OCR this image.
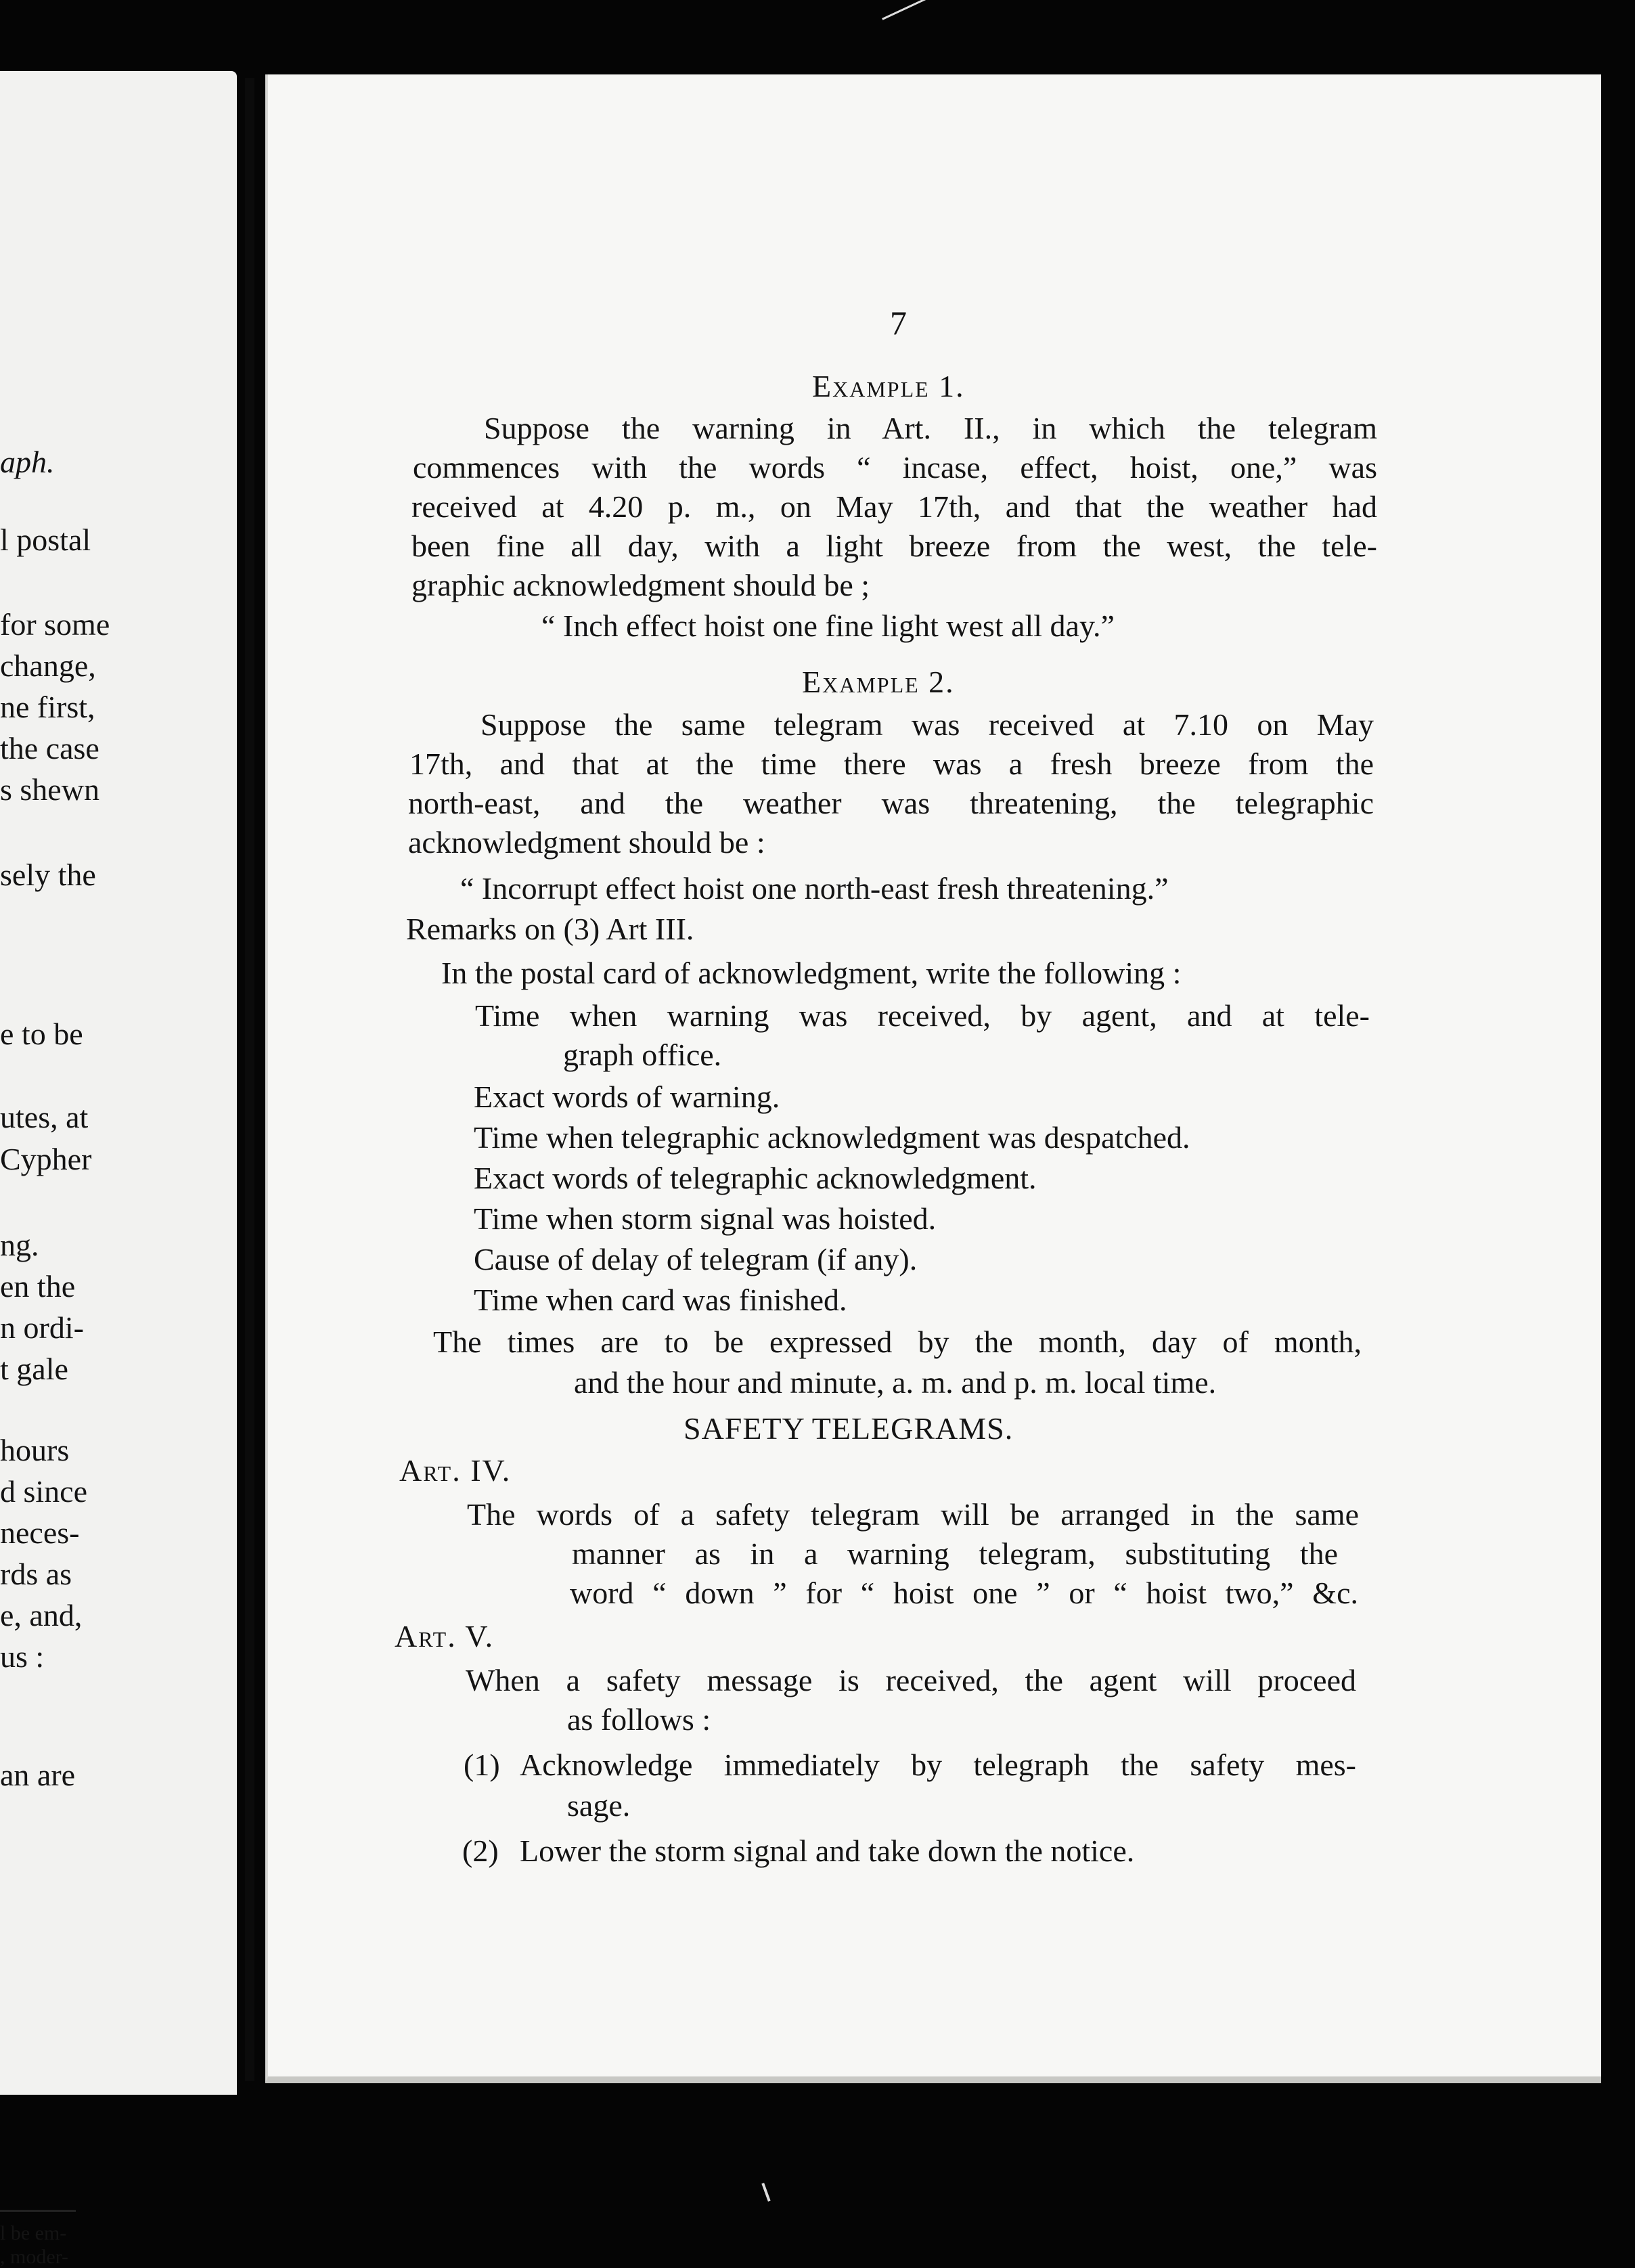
aph.
l postal
for some
change,
ne first,
the case
s shewn
sely the
e to be
utes, at
Cypher
ng.
en the
n ordi-
t gale
hours
d since
neces-
rds as
e, and,
us :
an are
l be em-
, moder-
7
Example 1.
Suppose the warning in Art. II., in which the telegram
commences with the words “ incase, effect, hoist, one,” was
received at 4.20 p. m., on May 17th, and that the weather had
been fine all day, with a light breeze from the west, the tele-
graphic acknowledgment should be ;
“ Inch effect hoist one fine light west all day.”
Example 2.
Suppose the same telegram was received at 7.10 on May
17th, and that at the time there was a fresh breeze from the
north-east, and the weather was threatening, the telegraphic
acknowledgment should be :
“ Incorrupt effect hoist one north-east fresh threatening.”
Remarks on (3) Art III.
In the postal card of acknowledgment, write the following :
Time when warning was received, by agent, and at tele-
graph office.
Exact words of warning.
Time when telegraphic acknowledgment was despatched.
Exact words of telegraphic acknowledgment.
Time when storm signal was hoisted.
Cause of delay of telegram (if any).
Time when card was finished.
The times are to be expressed by the month, day of month,
and the hour and minute, a. m. and p. m. local time.
SAFETY TELEGRAMS.
Art. IV.
The words of a safety telegram will be arranged in the same
manner as in a warning telegram, substituting the
word “ down ” for “ hoist one ” or “ hoist two,” &c.
Art. V.
When a safety message is received, the agent will proceed
as follows :
(1) Acknowledge immediately by telegraph the safety mes-
sage.
(2) Lower the storm signal and take down the notice.
